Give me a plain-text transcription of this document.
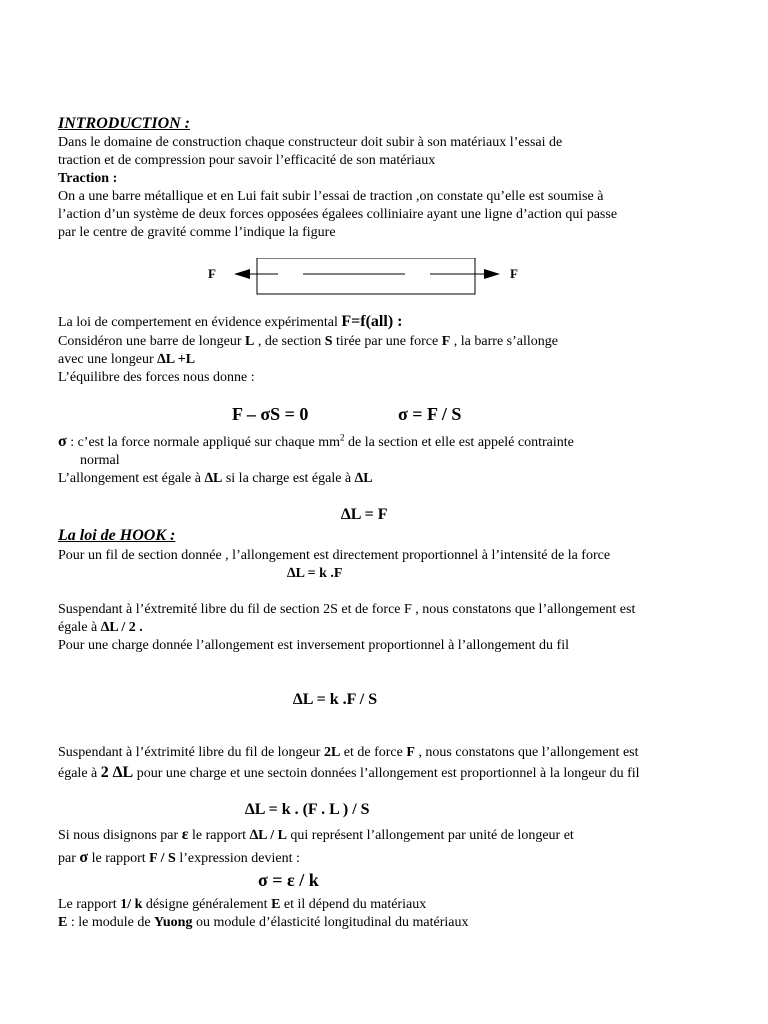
INTRODUCTION :
Dans le domaine de construction chaque constructeur doit subir à son matériaux l’essai de
traction et de compression pour savoir l’efficacité de son matériaux
Traction :
On a une barre métallique et en Lui fait subir l’essai de traction ,on constate qu’elle est soumise à
l’action d’un système de deux forces opposées égalees colliniaire ayant une ligne d’action qui passe
par le centre de gravité comme l’indique la figure
F	F
La loi de compertement en évidence expérimental F=f(all) :
Considéron une barre de longeur L , de section S tirée par une force F , la barre s’allonge
avec une longeur ∆L +L
L’équilibre des forces nous donne :
F – σS = 0	σ = F / S
σ : c’est la force normale appliqué sur chaque $mm^2$ de la section et elle est appelé contrainte
normal
L’allongement est égale à ∆L si la charge est égale à ∆L
∆L = F
La loi de HOOK :
Pour un fil de section donnée , l’allongement est directement proportionnel à l’intensité de la force
∆L = k .F
Suspendant à l’éxtremité libre du fil de section 2S et de force F , nous constatons que l’allongement est
égale à ∆L / 2 .
Pour une charge donnée l’allongement est inversement proportionnel à l’allongement du fil
∆L = k .F / S
Suspendant à l’éxtrimité libre du fil de longeur 2L et de force F , nous constatons que l’allongement est
égale à 2 ∆L pour une charge et une sectoin données l’allongement est proportionnel à la longeur du fil
∆L = k . (F . L ) / S
Si nous disignons par ε le rapport ∆L / L qui représent l’allongement par unité de longeur et
par σ le rapport F / S l’expression devient :
σ = ε / k
Le rapport 1/ k désigne généralement E et il dépend du matériaux
E : le module de Yuong ou module d’élasticité longitudinal du matériaux
